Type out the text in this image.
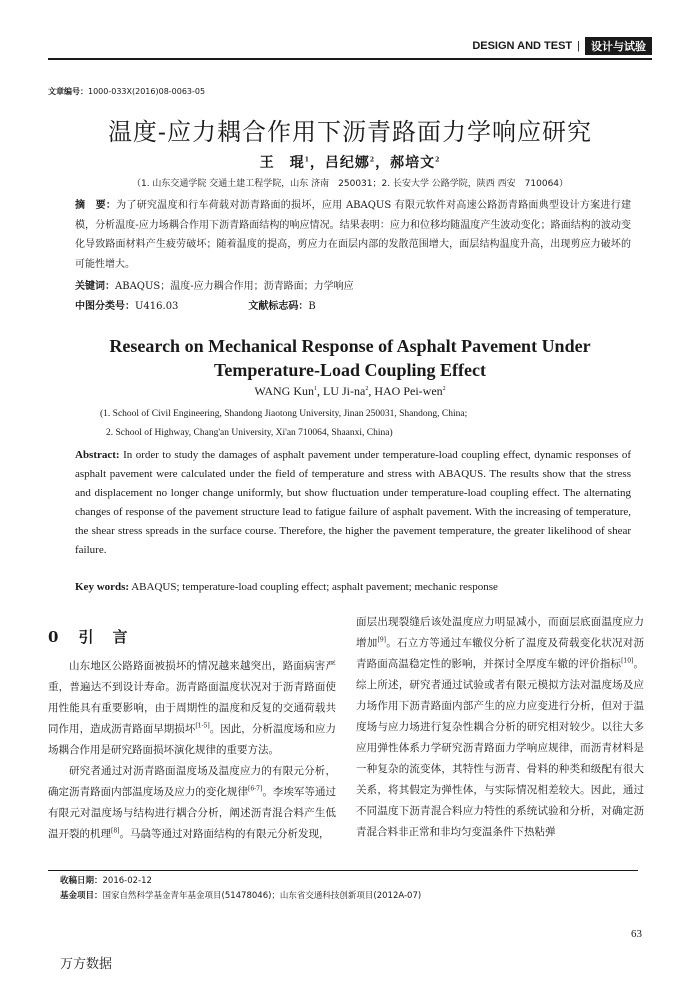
DESIGN AND TEST |	设计与试验
文章编号：1000-033X(2016)08-0063-05
温度-应力耦合作用下沥青路面力学响应研究
王　琨$^1$，吕纪娜$^2$，郝培文$^2$
（1. 山东交通学院 交通土建工程学院，山东 济南　250031；2. 长安大学 公路学院，陕西 西安　710064）
摘　要：为了研究温度和行车荷载对沥青路面的损坏，应用 ABAQUS 有限元软件对高速公路沥青路面典型设计方案进行建模，分析温度-应力场耦合作用下沥青路面结构的响应情况。结果表明：应力和位移均随温度产生波动变化；路面结构的波动变化导致路面材料产生疲劳破坏；随着温度的提高，剪应力在面层内部的发散范围增大，面层结构温度升高，出现剪应力破坏的可能性增大。
关键词：ABAQUS；温度-应力耦合作用；沥青路面；力学响应
中图分类号：U416.03	文献标志码：B
Research on Mechanical Response of Asphalt Pavement Under
Temperature-Load Coupling Effect
WANG Kun$^1$, LU $Ji-na^2$, HAO Pei-wen$^2$
(1. School of Civil Engineering, Shandong Jiaotong University, Jinan 250031, Shandong, China;
2. School of Highway, Chang'an University, Xi'an 710064, Shaanxi, China)
Abstract: In order to study the damages of asphalt pavement under temperature-load coupling effect, dynamic responses of asphalt pavement were calculated under the field of temperature and stress with ABAQUS. The results show that the stress and displacement no longer change uniformly, but show fluctuation under temperature-load coupling effect. The alternating changes of response of the pavement structure lead to fatigue failure of asphalt pavement. With the increasing of temperature, the shear stress spreads in the surface course. Therefore, the higher the pavement temperature, the greater likelihood of shear failure.
Key words: ABAQUS; temperature-load coupling effect; asphalt pavement; mechanic response
0 引　言

山东地区公路路面被损坏的情况越来越突出，路面病害严重，普遍达不到设计寿命。沥青路面温度状况对于沥青路面使用性能具有重要影响，由于周期性的温度和反复的交通荷载共同作用，造成沥青路面早期损坏[1-5]。因此，分析温度场和应力场耦合作用是研究路面损坏演化规律的重要方法。

研究者通过对沥青路面温度场及温度应力的有限元分析，确定沥青路面内部温度场及应力的变化规律[6-7]。李埃军等通过有限元对温度场与结构进行耦合分析，阐述沥青混合料产生低温开裂的机理[8]。马骉等通过对路面结构的有限元分析发现，

面层出现裂缝后该处温度应力明显减小，而面层底面温度应力增加[9]。石立方等通过车辙仪分析了温度及荷载变化状况对沥青路面高温稳定性的影响，并探讨全厚度车辙的评价指标[10]。综上所述，研究者通过试验或者有限元模拟方法对温度场及应力场作用下沥青路面内部产生的应力应变进行分析，但对于温度场与应力场进行复杂性耦合分析的研究相对较少。以往大多应用弹性体系力学研究沥青路面力学响应规律，而沥青材料是一种复杂的流变体，其特性与沥青、骨料的种类和级配有很大关系，将其假定为弹性体，与实际情况相差较大。因此，通过不同温度下沥青混合料应力特性的系统试验和分析，对确定沥青混合料非正常和非均匀变温条件下热粘弹

收稿日期：2016-02-12
基金项目：国家自然科学基金青年基金项目(51478046)；山东省交通科技创新项目(2012A-07)
63
万方数据
